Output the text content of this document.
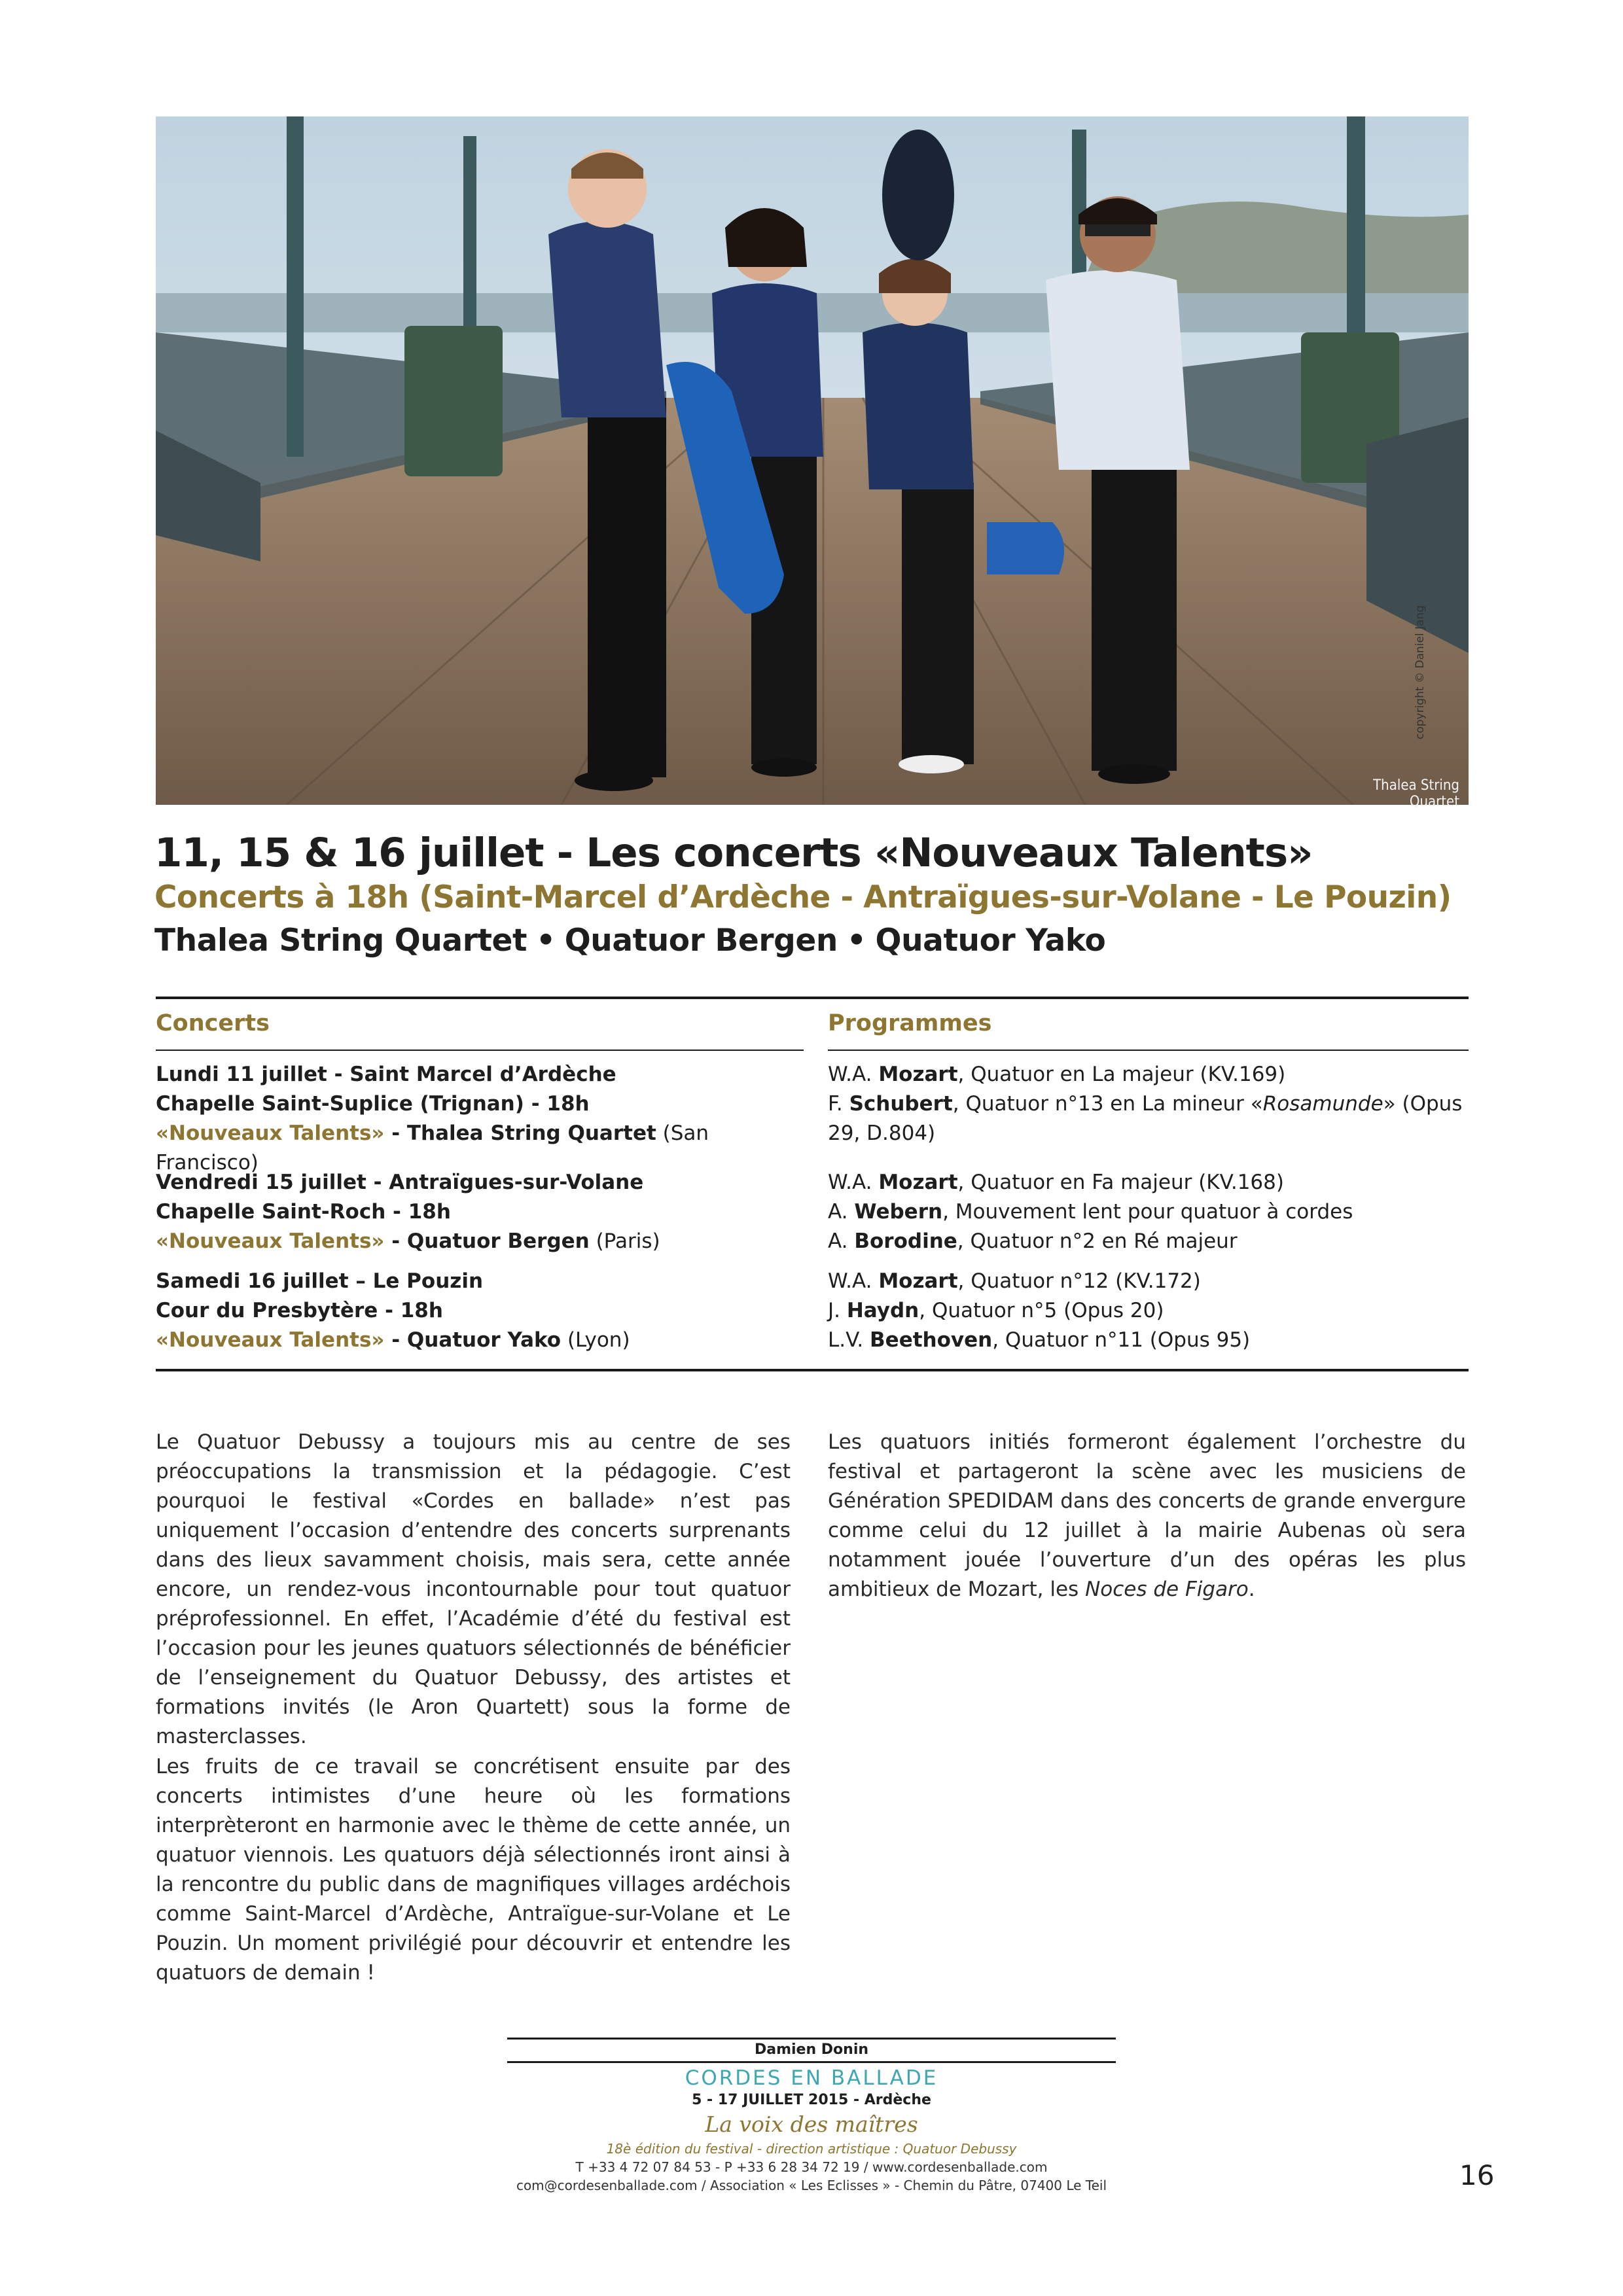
Thalea String Quartet
copyright © Daniel Jang
11, 15 & 16 juillet - Les concerts «Nouveaux Talents»
Concerts à 18h (Saint-Marcel d’Ardèche - Antraïgues-sur-Volane - Le Pouzin)
Thalea String Quartet • Quatuor Bergen • Quatuor Yako
Concerts	Programmes
Lundi 11 juillet - Saint Marcel d’Ardèche
Chapelle Saint-Suplice (Trignan) - 18h
«Nouveaux Talents» - Thalea String Quartet (San Francisco)
W.A. Mozart, Quatuor en La majeur (KV.169)
F. Schubert, Quatuor n°13 en La mineur «Rosamunde» (Opus 29, D.804)
Vendredi 15 juillet - Antraïgues-sur-Volane
Chapelle Saint-Roch - 18h
«Nouveaux Talents» - Quatuor Bergen (Paris)
W.A. Mozart, Quatuor en Fa majeur (KV.168)
A. Webern, Mouvement lent pour quatuor à cordes
A. Borodine, Quatuor n°2 en Ré majeur
Samedi 16 juillet – Le Pouzin
Cour du Presbytère - 18h
«Nouveaux Talents» - Quatuor Yako (Lyon)
W.A. Mozart, Quatuor n°12 (KV.172)
J. Haydn, Quatuor n°5 (Opus 20)
L.V. Beethoven, Quatuor n°11 (Opus 95)
Le Quatuor Debussy a toujours mis au centre de ses préoccupations la transmission et la pédagogie. C’est pourquoi le festival «Cordes en ballade» n’est pas uniquement l’occasion d’entendre des concerts surprenants dans des lieux savamment choisis, mais sera, cette année encore, un rendez-vous incontournable pour tout quatuor préprofessionnel. En effet, l’Académie d’été du festival est l’occasion pour les jeunes quatuors sélectionnés de bénéficier de l’enseignement du Quatuor Debussy, des artistes et formations invités (le Aron Quartett) sous la forme de masterclasses.
Les fruits de ce travail se concrétisent ensuite par des concerts intimistes d’une heure où les formations interprèteront en harmonie avec le thème de cette année, un quatuor viennois. Les quatuors déjà sélectionnés iront ainsi à la rencontre du public dans de magnifiques villages ardéchois comme Saint-Marcel d’Ardèche, Antraïgue-sur-Volane et Le Pouzin. Un moment privilégié pour découvrir et entendre les quatuors de demain !
Les quatuors initiés formeront également l’orchestre du festival et partageront la scène avec les musiciens de Génération SPEDIDAM dans des concerts de grande envergure comme celui du 12 juillet à la mairie Aubenas où sera notamment jouée l’ouverture d’un des opéras les plus ambitieux de Mozart, les Noces de Figaro.
Damien Donin
CORDES EN BALLADE
5 - 17 JUILLET 2015 - Ardèche
La voix des maîtres
18è édition du festival - direction artistique : Quatuor Debussy
T +33 4 72 07 84 53 - P +33 6 28 34 72 19 / www.cordesenballade.com
com@cordesenballade.com / Association « Les Eclisses » - Chemin du Pâtre, 07400 Le Teil	16
